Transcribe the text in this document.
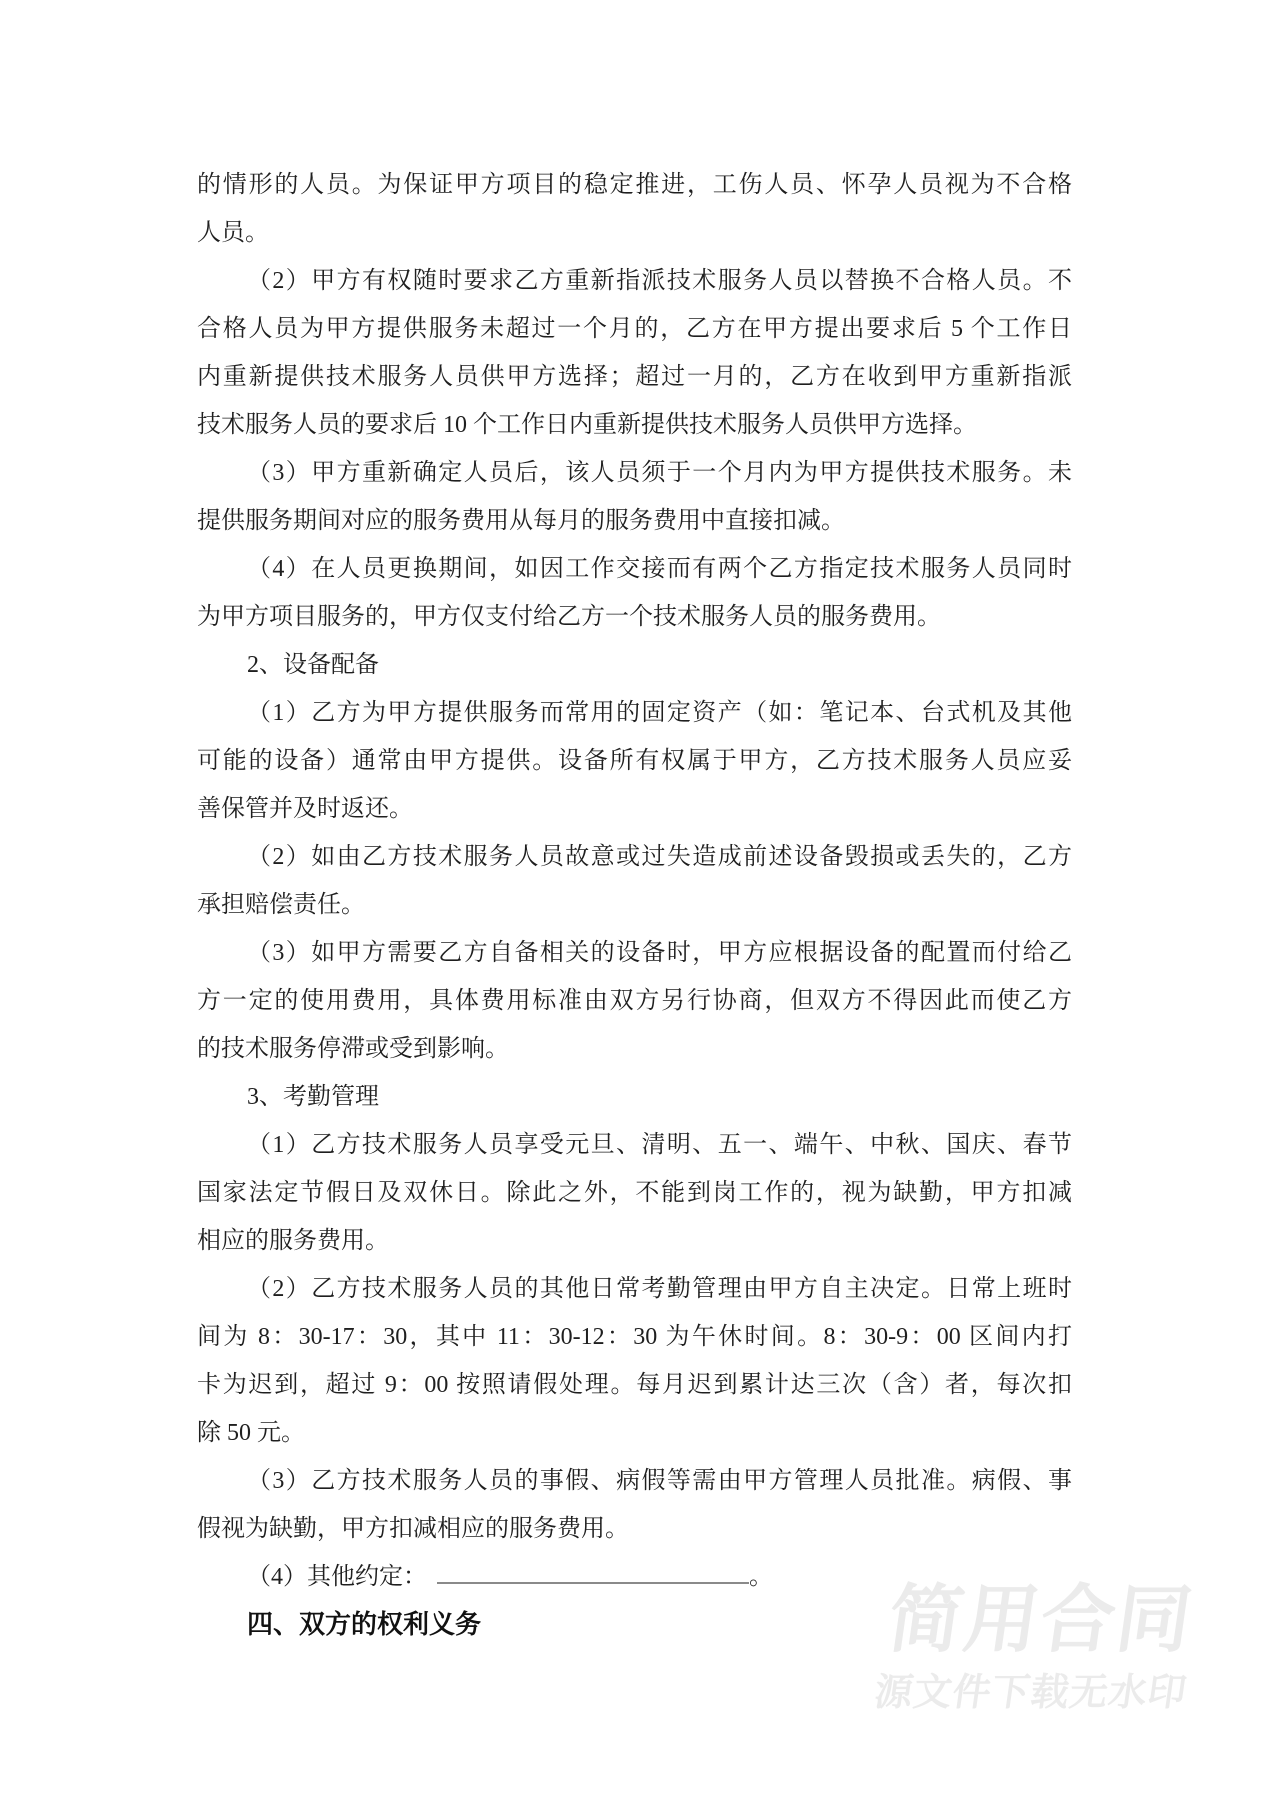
的情形的人员。为保证甲方项目的稳定推进，工伤人员、怀孕人员视为不合格
人员。
（2）甲方有权随时要求乙方重新指派技术服务人员以替换不合格人员。不
合格人员为甲方提供服务未超过一个月的，乙方在甲方提出要求后 5 个工作日
内重新提供技术服务人员供甲方选择；超过一月的，乙方在收到甲方重新指派
技术服务人员的要求后 10 个工作日内重新提供技术服务人员供甲方选择。
（3）甲方重新确定人员后，该人员须于一个月内为甲方提供技术服务。未
提供服务期间对应的服务费用从每月的服务费用中直接扣减。
（4）在人员更换期间，如因工作交接而有两个乙方指定技术服务人员同时
为甲方项目服务的，甲方仅支付给乙方一个技术服务人员的服务费用。
2、设备配备
（1）乙方为甲方提供服务而常用的固定资产（如：笔记本、台式机及其他
可能的设备）通常由甲方提供。设备所有权属于甲方，乙方技术服务人员应妥
善保管并及时返还。
（2）如由乙方技术服务人员故意或过失造成前述设备毁损或丢失的，乙方
承担赔偿责任。
（3）如甲方需要乙方自备相关的设备时，甲方应根据设备的配置而付给乙
方一定的使用费用，具体费用标准由双方另行协商，但双方不得因此而使乙方
的技术服务停滞或受到影响。
3、考勤管理
（1）乙方技术服务人员享受元旦、清明、五一、端午、中秋、国庆、春节
国家法定节假日及双休日。除此之外，不能到岗工作的，视为缺勤，甲方扣减
相应的服务费用。
（2）乙方技术服务人员的其他日常考勤管理由甲方自主决定。日常上班时
间为 8：30-17：30，其中 11：30-12：30 为午休时间。8：30-9：00 区间内打
卡为迟到，超过 9：00 按照请假处理。每月迟到累计达三次（含）者，每次扣
除 50 元。
（3）乙方技术服务人员的事假、病假等需由甲方管理人员批准。病假、事
假视为缺勤，甲方扣减相应的服务费用。
（4）其他约定：	。
四、双方的权利义务	简用合同
源文件下载无水印
